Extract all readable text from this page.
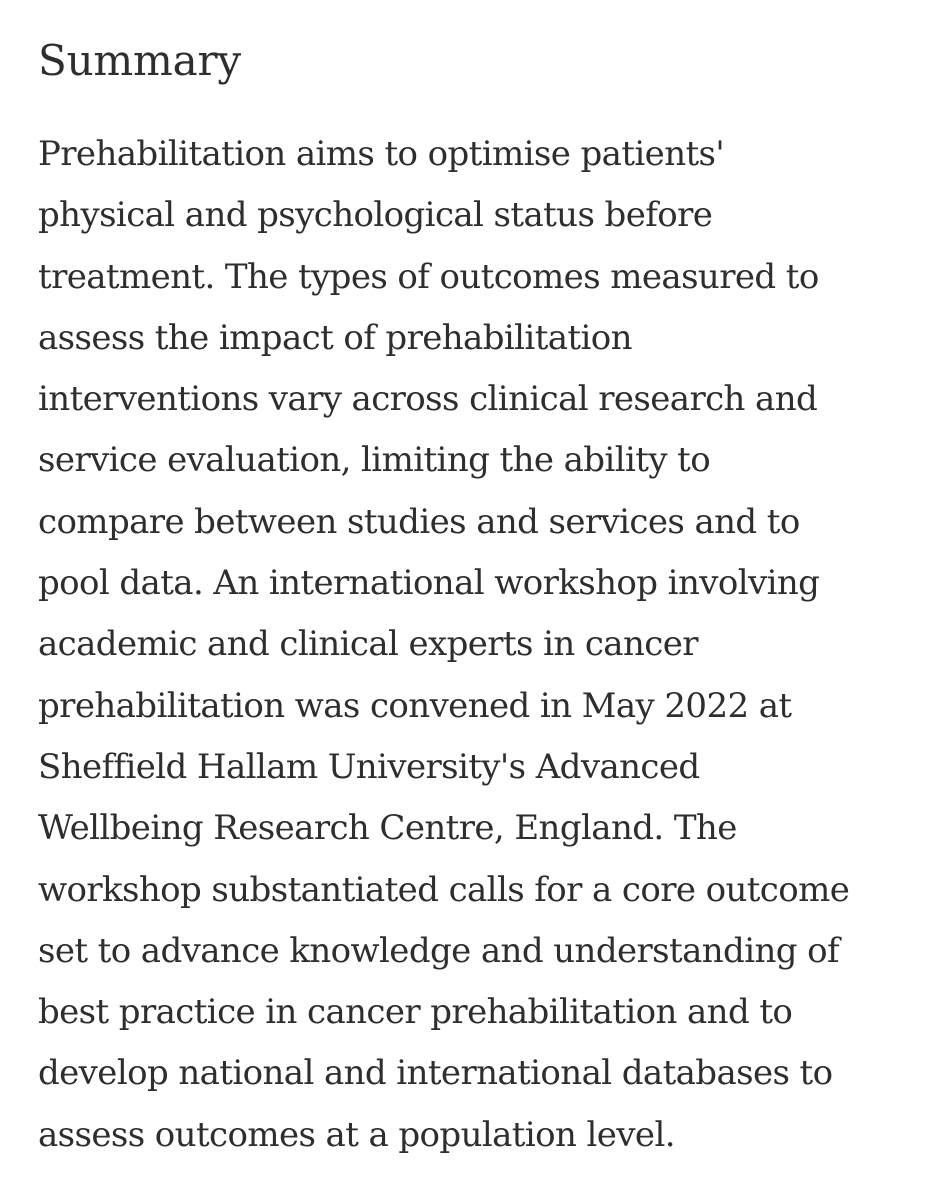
Summary

Prehabilitation aims to optimise patients'
physical and psychological status before
treatment. The types of outcomes measured to
assess the impact of prehabilitation
interventions vary across clinical research and
service evaluation, limiting the ability to
compare between studies and services and to
pool data. An international workshop involving
academic and clinical experts in cancer
prehabilitation was convened in May 2022 at
Sheffield Hallam University's Advanced
Wellbeing Research Centre, England. The
workshop substantiated calls for a core outcome
set to advance knowledge and understanding of
best practice in cancer prehabilitation and to
develop national and international databases to
assess outcomes at a population level.
